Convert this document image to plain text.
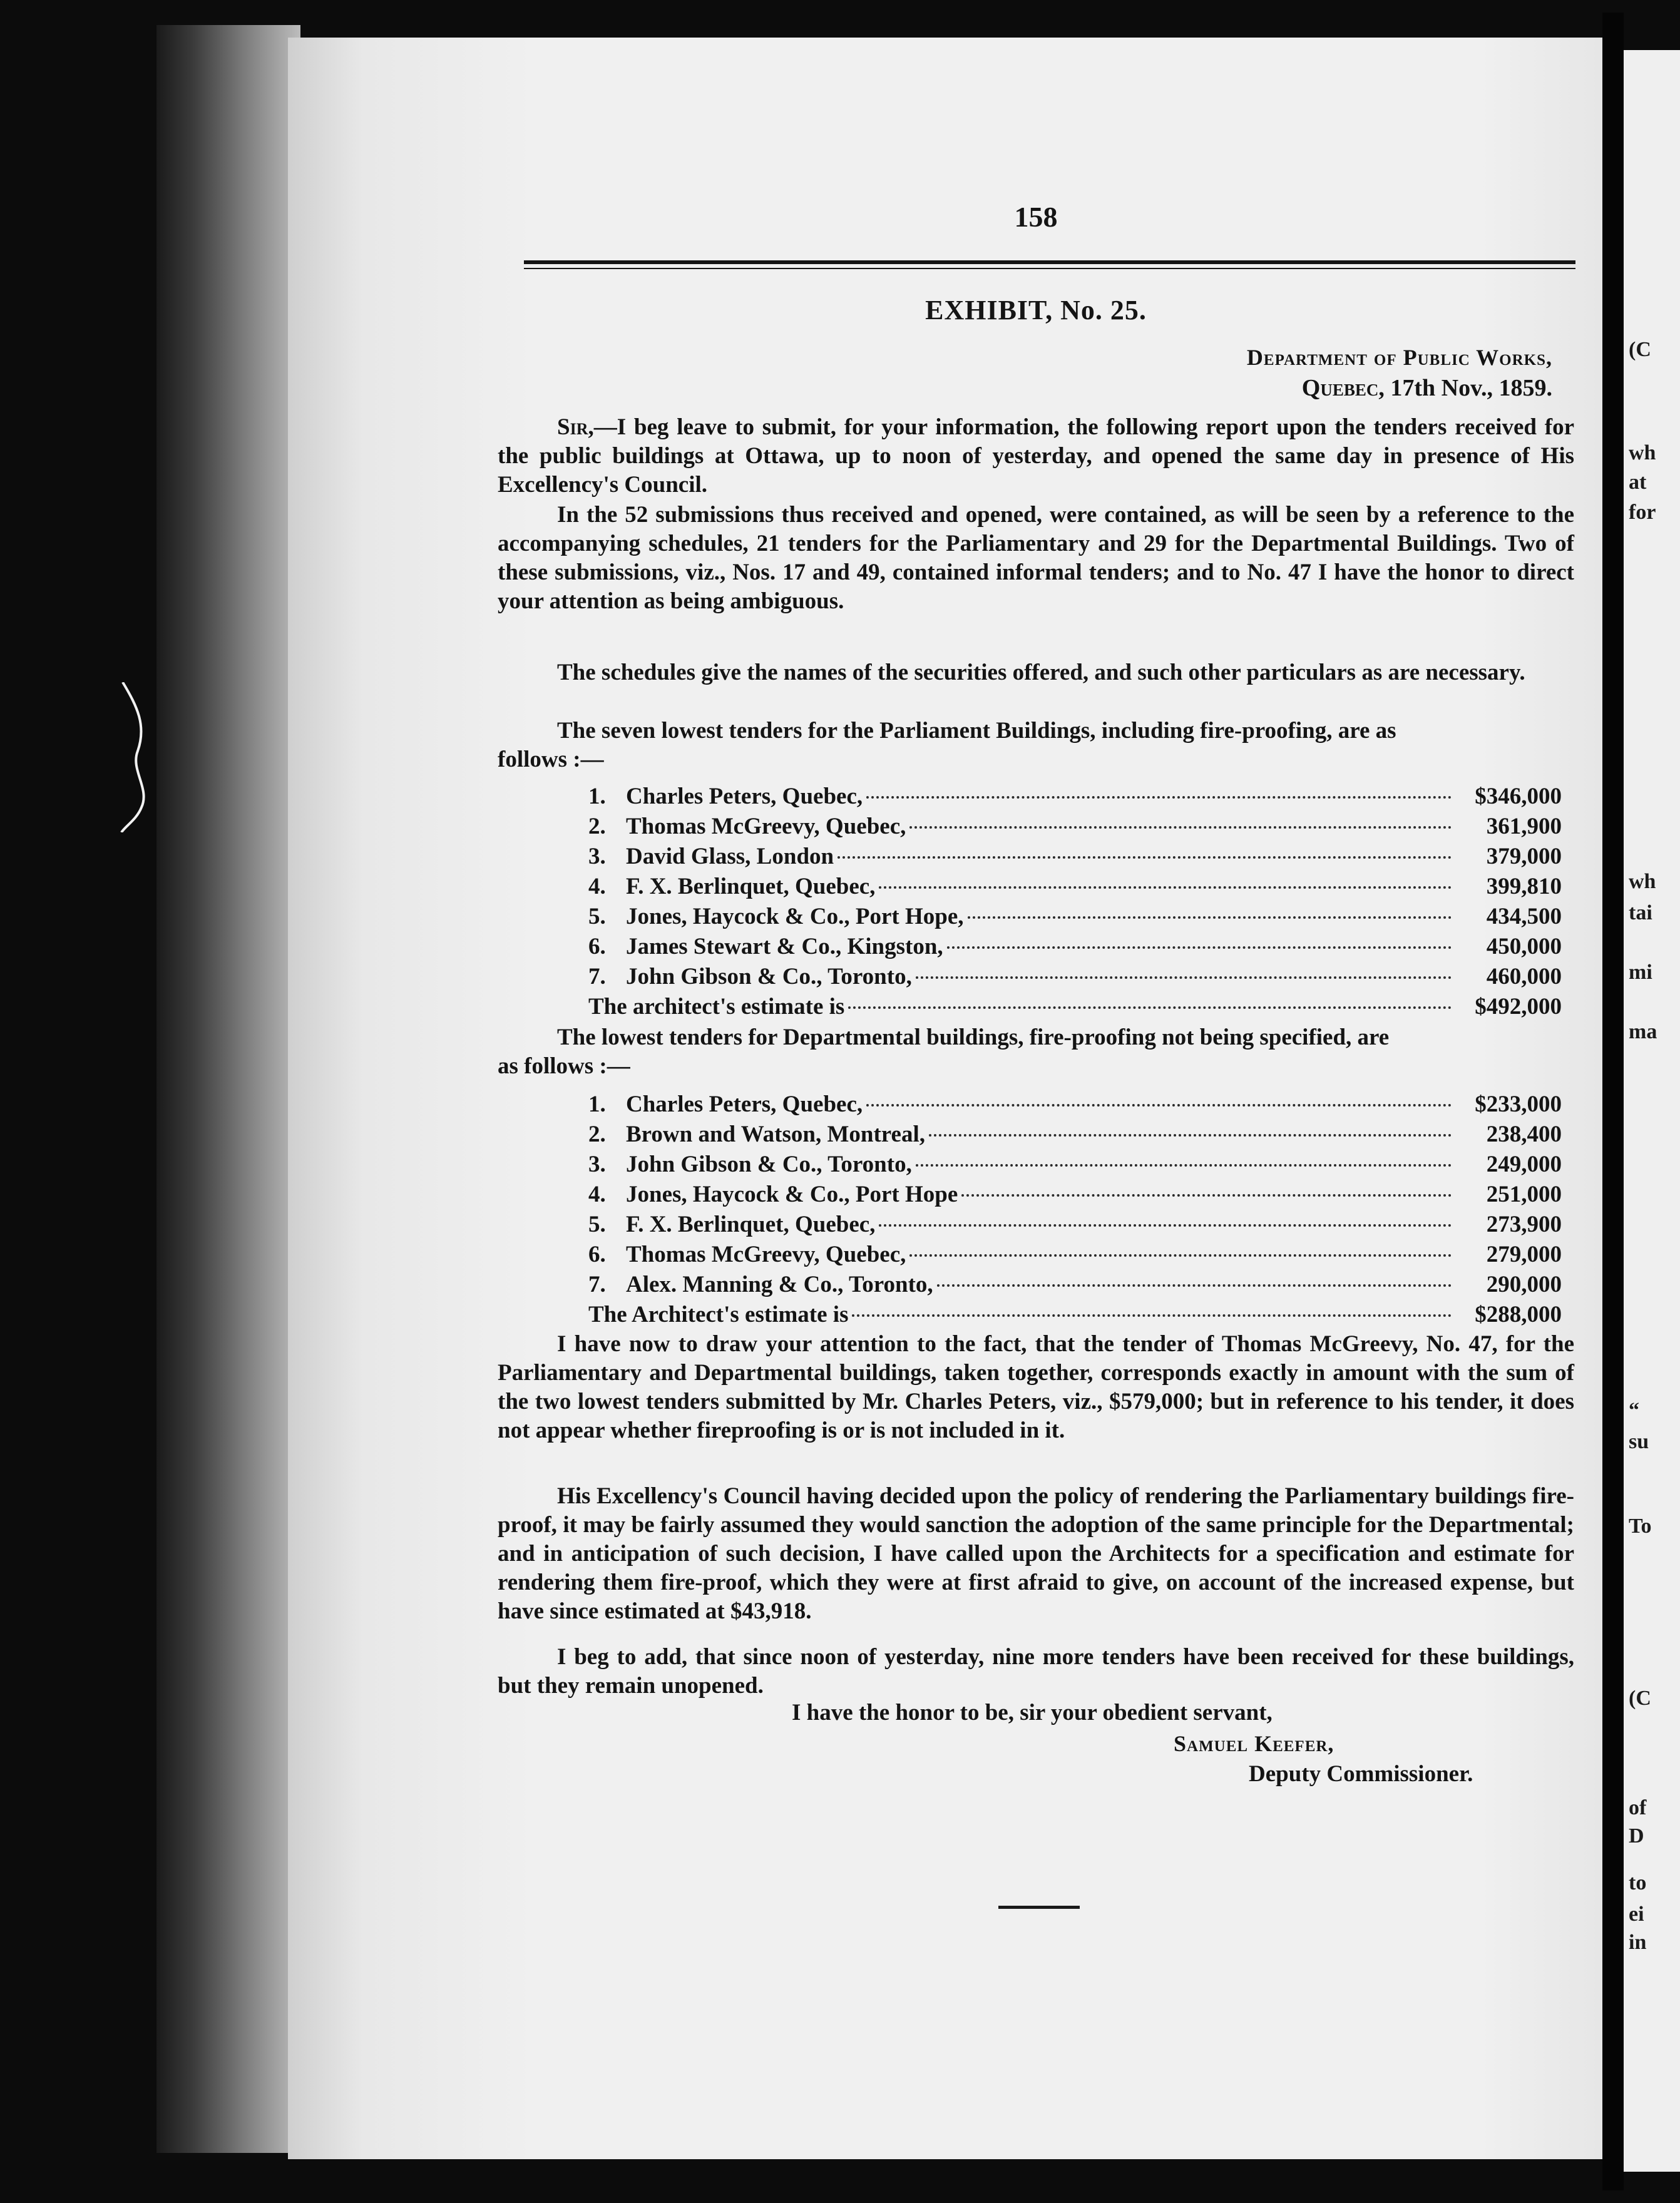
(C
wh
at
for
wh
tai
mi
ma
“
su
To
(C
of
D
to
ei
in
158
EXHIBIT, No. 25.
Department of Public Works,
Quebec, 17th Nov., 1859.
Sir,—I beg leave to submit, for your information, the following report upon the tenders received for the public buildings at Ottawa, up to noon of yesterday, and opened the same day in presence of His Excellency's Council.
In the 52 submissions thus received and opened, were contained, as will be seen by a reference to the accompanying schedules, 21 tenders for the Parliamentary and 29 for the Departmental Buildings. Two of these submissions, viz., Nos. 17 and 49, contained informal tenders; and to No. 47 I have the honor to direct your attention as being ambiguous.
The schedules give the names of the securities offered, and such other particulars as are necessary.
The seven lowest tenders for the Parliament Buildings, including fire-proofing, are as
follows :—
1. Charles Peters, Quebec,	$346,000
2. Thomas McGreevy, Quebec,	361,900
3. David Glass, London	379,000
4. F. X. Berlinquet, Quebec,	399,810
5. Jones, Haycock & Co., Port Hope,	434,500
6. James Stewart & Co., Kingston,	450,000
7. John Gibson & Co., Toronto,	460,000
The architect's estimate is	$492,000
The lowest tenders for Departmental buildings, fire-proofing not being specified, are
as follows :—
1. Charles Peters, Quebec,	$233,000
2. Brown and Watson, Montreal,	238,400
3. John Gibson & Co., Toronto,	249,000
4. Jones, Haycock & Co., Port Hope	251,000
5. F. X. Berlinquet, Quebec,	273,900
6. Thomas McGreevy, Quebec,	279,000
7. Alex. Manning & Co., Toronto,	290,000
The Architect's estimate is	$288,000
I have now to draw your attention to the fact, that the tender of Thomas McGreevy, No. 47, for the Parliamentary and Departmental buildings, taken together, corresponds exactly in amount with the sum of the two lowest tenders submitted by Mr. Charles Peters, viz., $579,000; but in reference to his tender, it does not appear whether fireproofing is or is not included in it.
His Excellency's Council having decided upon the policy of rendering the Parliamentary buildings fire-proof, it may be fairly assumed they would sanction the adoption of the same principle for the Departmental; and in anticipation of such decision, I have called upon the Architects for a specification and estimate for rendering them fire-proof, which they were at first afraid to give, on account of the increased expense, but have since estimated at $43,918.
I beg to add, that since noon of yesterday, nine more tenders have been received for these buildings, but they remain unopened.
I have the honor to be, sir your obedient servant,
Samuel Keefer,
Deputy Commissioner.
